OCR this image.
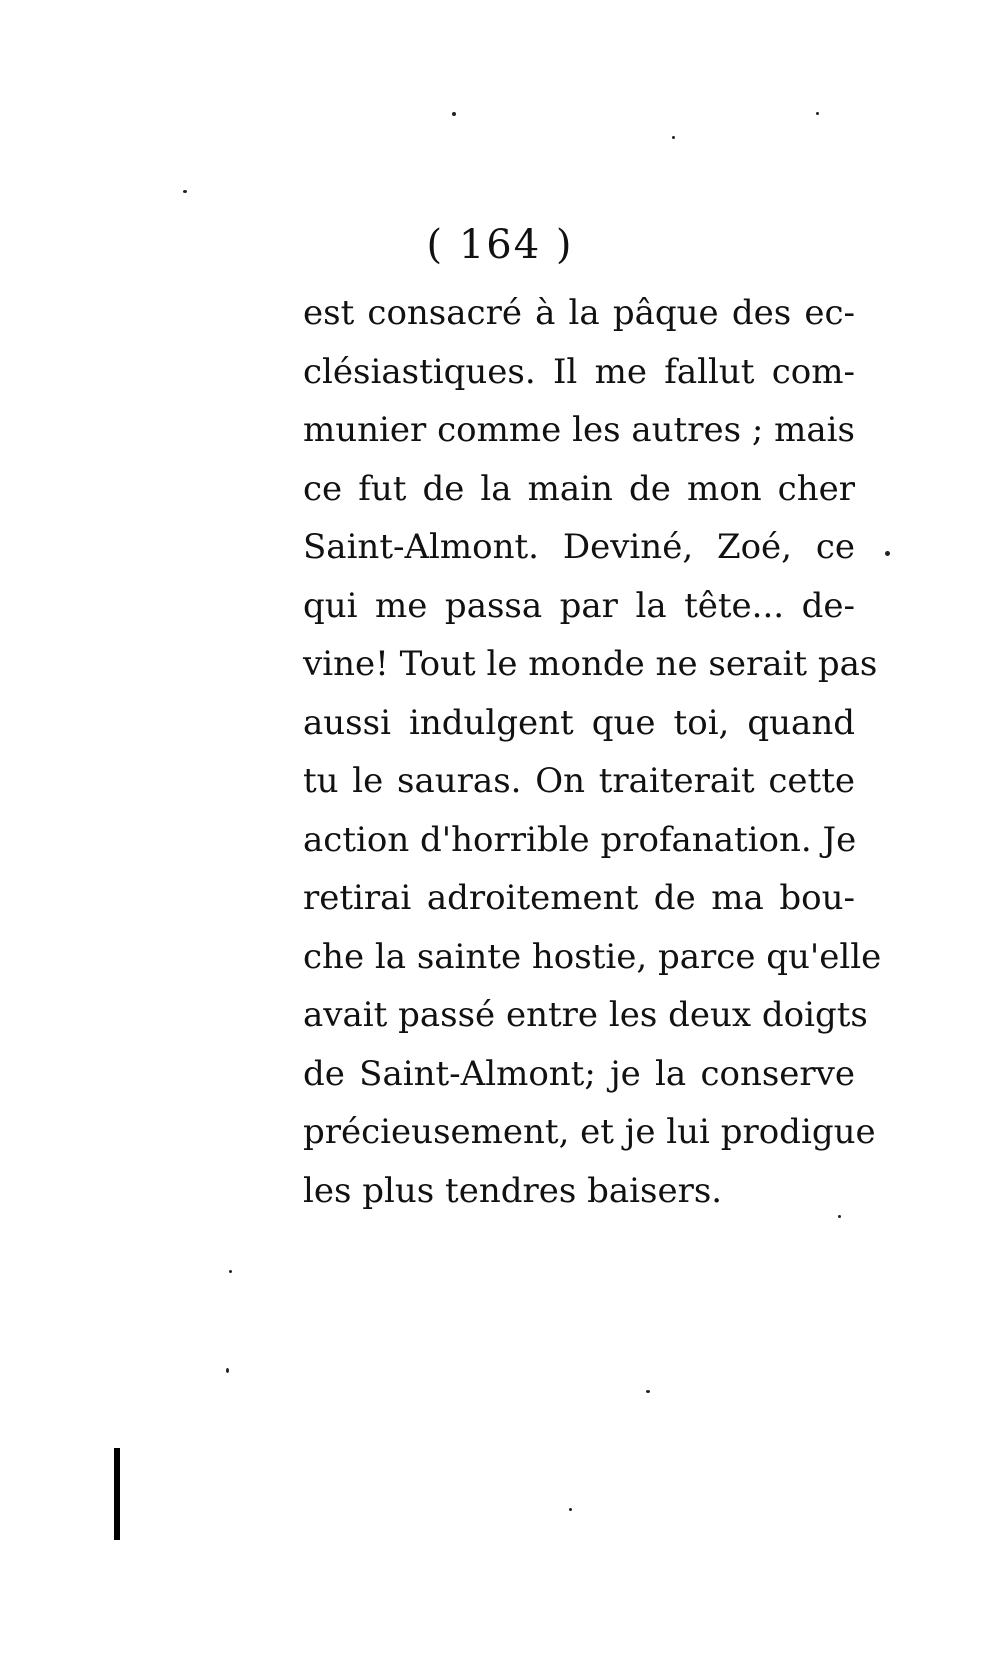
( 164 )
est consacré à la pâque des ec-
clésiastiques. Il me fallut com-
munier comme les autres ; mais
ce fut de la main de mon cher
Saint-Almont. Deviné, Zoé, ce
qui me passa par la tête... de-
vine! Tout le monde ne serait pas
aussi indulgent que toi, quand
tu le sauras. On traiterait cette
action d'horrible profanation. Je
retirai adroitement de ma bou-
che la sainte hostie, parce qu'elle
avait passé entre les deux doigts
de Saint-Almont; je la conserve
précieusement, et je lui prodigue
les plus tendres baisers.
